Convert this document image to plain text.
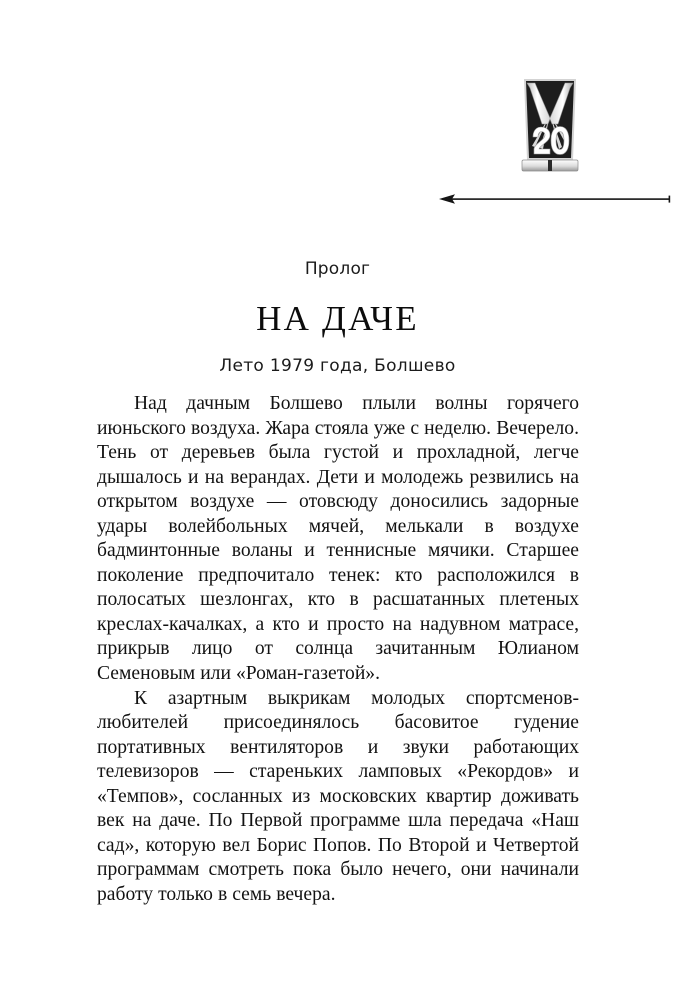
Пролог

НА ДАЧЕ

Лето 1979 года, Болшево

Над дачным Болшево плыли волны горячего июньского воздуха. Жара стояла уже с неделю. Вечерело. Тень от деревьев была густой и прохладной, легче дышалось и на верандах. Дети и молодежь резвились на открытом воздухе — отовсюду доносились задорные удары волейбольных мячей, мелькали в воздухе бадминтонные воланы и теннисные мячики. Старшее поколение предпочитало тенек: кто расположился в полосатых шезлонгах, кто в расшатанных плетеных креслах-качалках, а кто и просто на надувном матрасе, прикрыв лицо от солнца зачитанным Юлианом Семеновым или «Роман-газетой».

К азартным выкрикам молодых спортсменов-любителей присоединялось басовитое гудение портативных вентиляторов и звуки работающих телевизоров — стареньких ламповых «Рекордов» и «Темпов», сосланных из московских квартир доживать век на даче. По Первой программе шла передача «Наш сад», которую вел Борис Попов. По Второй и Четвертой программам смотреть пока было нечего, они начинали работу только в семь вечера.
